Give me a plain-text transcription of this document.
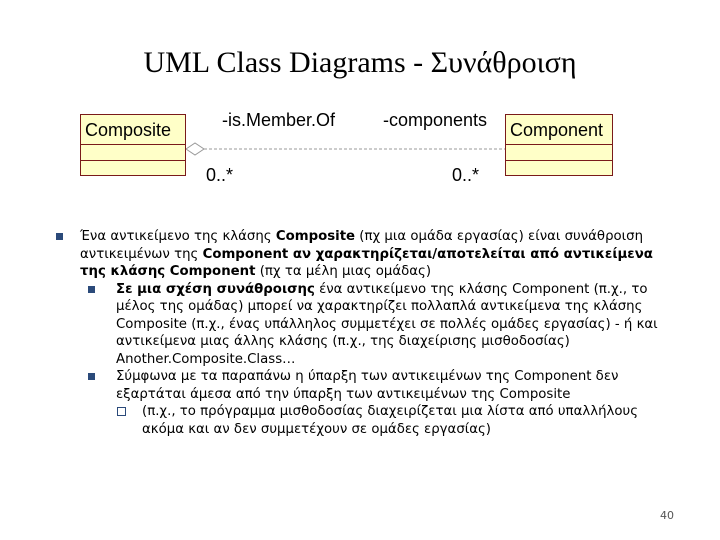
UML Class Diagrams - Συνάθροιση
Composite	Component
-is.Member.Of	-components
0..*	0..*

Ένα αντικείμενο της κλάσης Composite (πχ μια ομάδα εργασίας) είναι συνάθροιση αντικειμένων της Component αν χαρακτηρίζεται/αποτελείται από αντικείμενα της κλάσης Component (πχ τα μέλη μιας ομάδας)

Σε μια σχέση συνάθροισης ένα αντικείμενο της κλάσης Component (π.χ., το μέλος της ομάδας) μπορεί να χαρακτηρίζει πολλαπλά αντικείμενα της κλάσης Composite (π.χ., ένας υπάλληλος συμμετέχει σε πολλές ομάδες εργασίας) - ή και αντικείμενα μιας άλλης κλάσης (π.χ., της διαχείρισης μισθοδοσίας) Another.Composite.Class…

Σύμφωνα με τα παραπάνω η ύπαρξη των αντικειμένων της Component δεν εξαρτάται άμεσα από την ύπαρξη των αντικειμένων της Composite

(π.χ., το πρόγραμμα μισθοδοσίας διαχειρίζεται μια λίστα από υπαλλήλους ακόμα και αν δεν συμμετέχουν σε ομάδες εργασίας)

40
